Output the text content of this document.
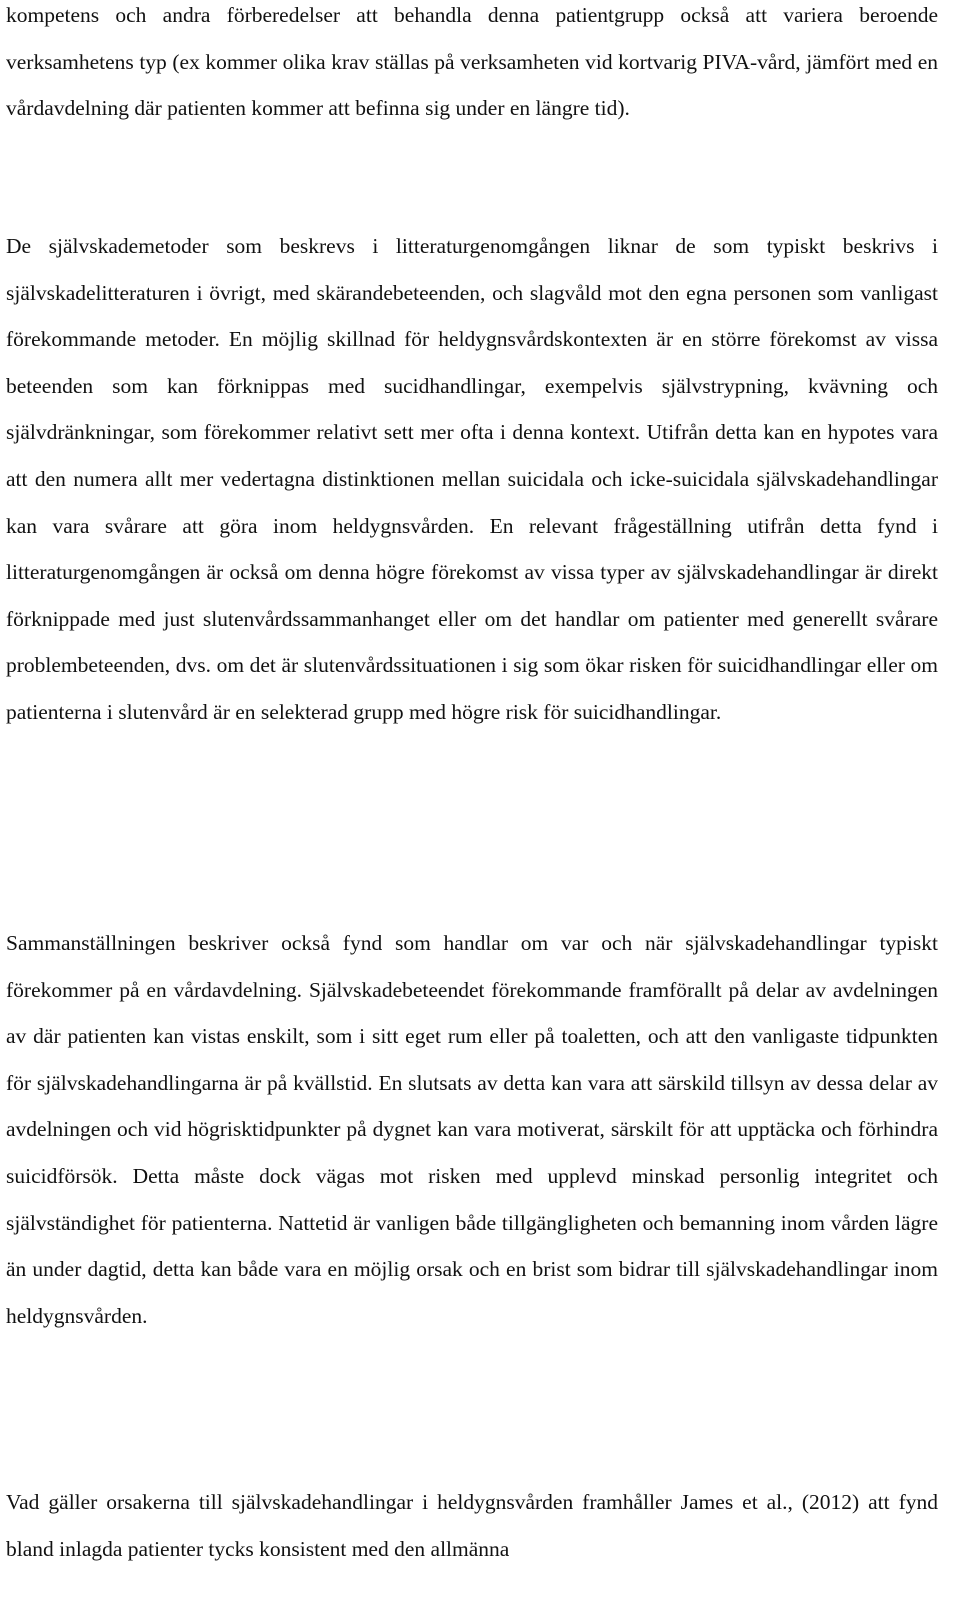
kompetens och andra förberedelser att behandla denna patientgrupp också att variera beroende verksamhetens typ (ex kommer olika krav ställas på verksamheten vid kortvarig PIVA-vård, jämfört med en vårdavdelning där patienten kommer att befinna sig under en längre tid).

De självskademetoder som beskrevs i litteraturgenomgången liknar de som typiskt beskrivs i självskadelitteraturen i övrigt, med skärandebeteenden, och slagvåld mot den egna personen som vanligast förekommande metoder. En möjlig skillnad för heldygnsvårdskontexten är en större förekomst av vissa beteenden som kan förknippas med sucidhandlingar, exempelvis självstrypning, kvävning och självdränkningar, som förekommer relativt sett mer ofta i denna kontext. Utifrån detta kan en hypotes vara att den numera allt mer vedertagna distinktionen mellan suicidala och icke-suicidala självskadehandlingar kan vara svårare att göra inom heldygnsvården. En relevant frågeställning utifrån detta fynd i litteraturgenomgången är också om denna högre förekomst av vissa typer av självskadehandlingar är direkt förknippade med just slutenvårdssammanhanget eller om det handlar om patienter med generellt svårare problembeteenden, dvs. om det är slutenvårdssituationen i sig som ökar risken för suicidhandlingar eller om patienterna i slutenvård är en selekterad grupp med högre risk för suicidhandlingar.

Sammanställningen beskriver också fynd som handlar om var och när självskadehandlingar typiskt förekommer på en vårdavdelning. Självskadebeteendet förekommande framförallt på delar av avdelningen av där patienten kan vistas enskilt, som i sitt eget rum eller på toaletten, och att den vanligaste tidpunkten för självskadehandlingarna är på kvällstid. En slutsats av detta kan vara att särskild tillsyn av dessa delar av avdelningen och vid högrisktidpunkter på dygnet kan vara motiverat, särskilt för att upptäcka och förhindra suicidförsök. Detta måste dock vägas mot risken med upplevd minskad personlig integritet och självständighet för patienterna. Nattetid är vanligen både tillgängligheten och bemanning inom vården lägre än under dagtid, detta kan både vara en möjlig orsak och en brist som bidrar till självskadehandlingar inom heldygnsvården.

Vad gäller orsakerna till självskadehandlingar i heldygnsvården framhåller James et al., (2012) att fynd bland inlagda patienter tycks konsistent med den allmänna
